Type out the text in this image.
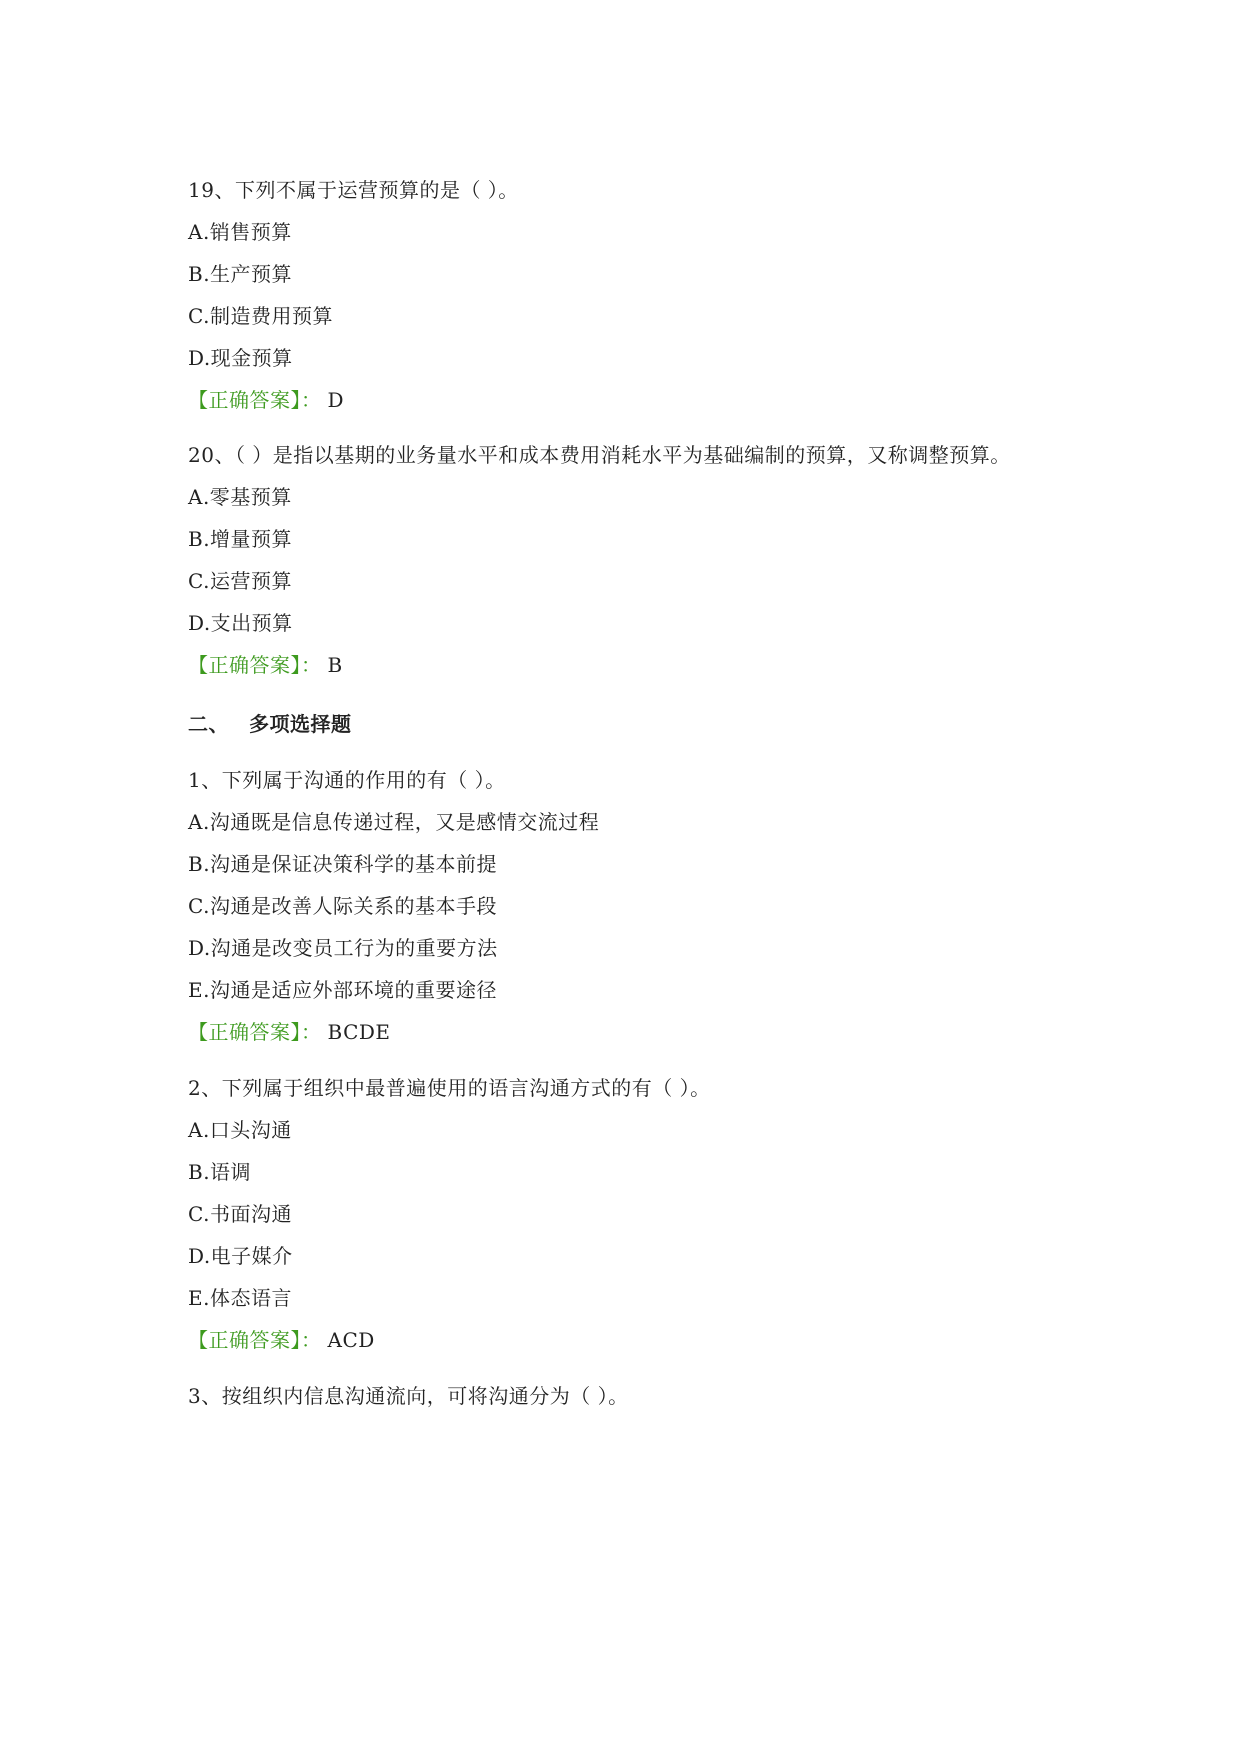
19、下列不属于运营预算的是（ ）。
A.销售预算
B.生产预算
C.制造费用预算
D.现金预算
【正确答案】： D
20、（ ）是指以基期的业务量水平和成本费用消耗水平为基础编制的预算，又称调整预算。
A.零基预算
B.增量预算
C.运营预算
D.支出预算
【正确答案】： B
二、 多项选择题
1、下列属于沟通的作用的有（ ）。
A.沟通既是信息传递过程，又是感情交流过程
B.沟通是保证决策科学的基本前提
C.沟通是改善人际关系的基本手段
D.沟通是改变员工行为的重要方法
E.沟通是适应外部环境的重要途径
【正确答案】： BCDE
2、下列属于组织中最普遍使用的语言沟通方式的有（ ）。
A.口头沟通
B.语调
C.书面沟通
D.电子媒介
E.体态语言
【正确答案】： ACD
3、按组织内信息沟通流向，可将沟通分为（ ）。
